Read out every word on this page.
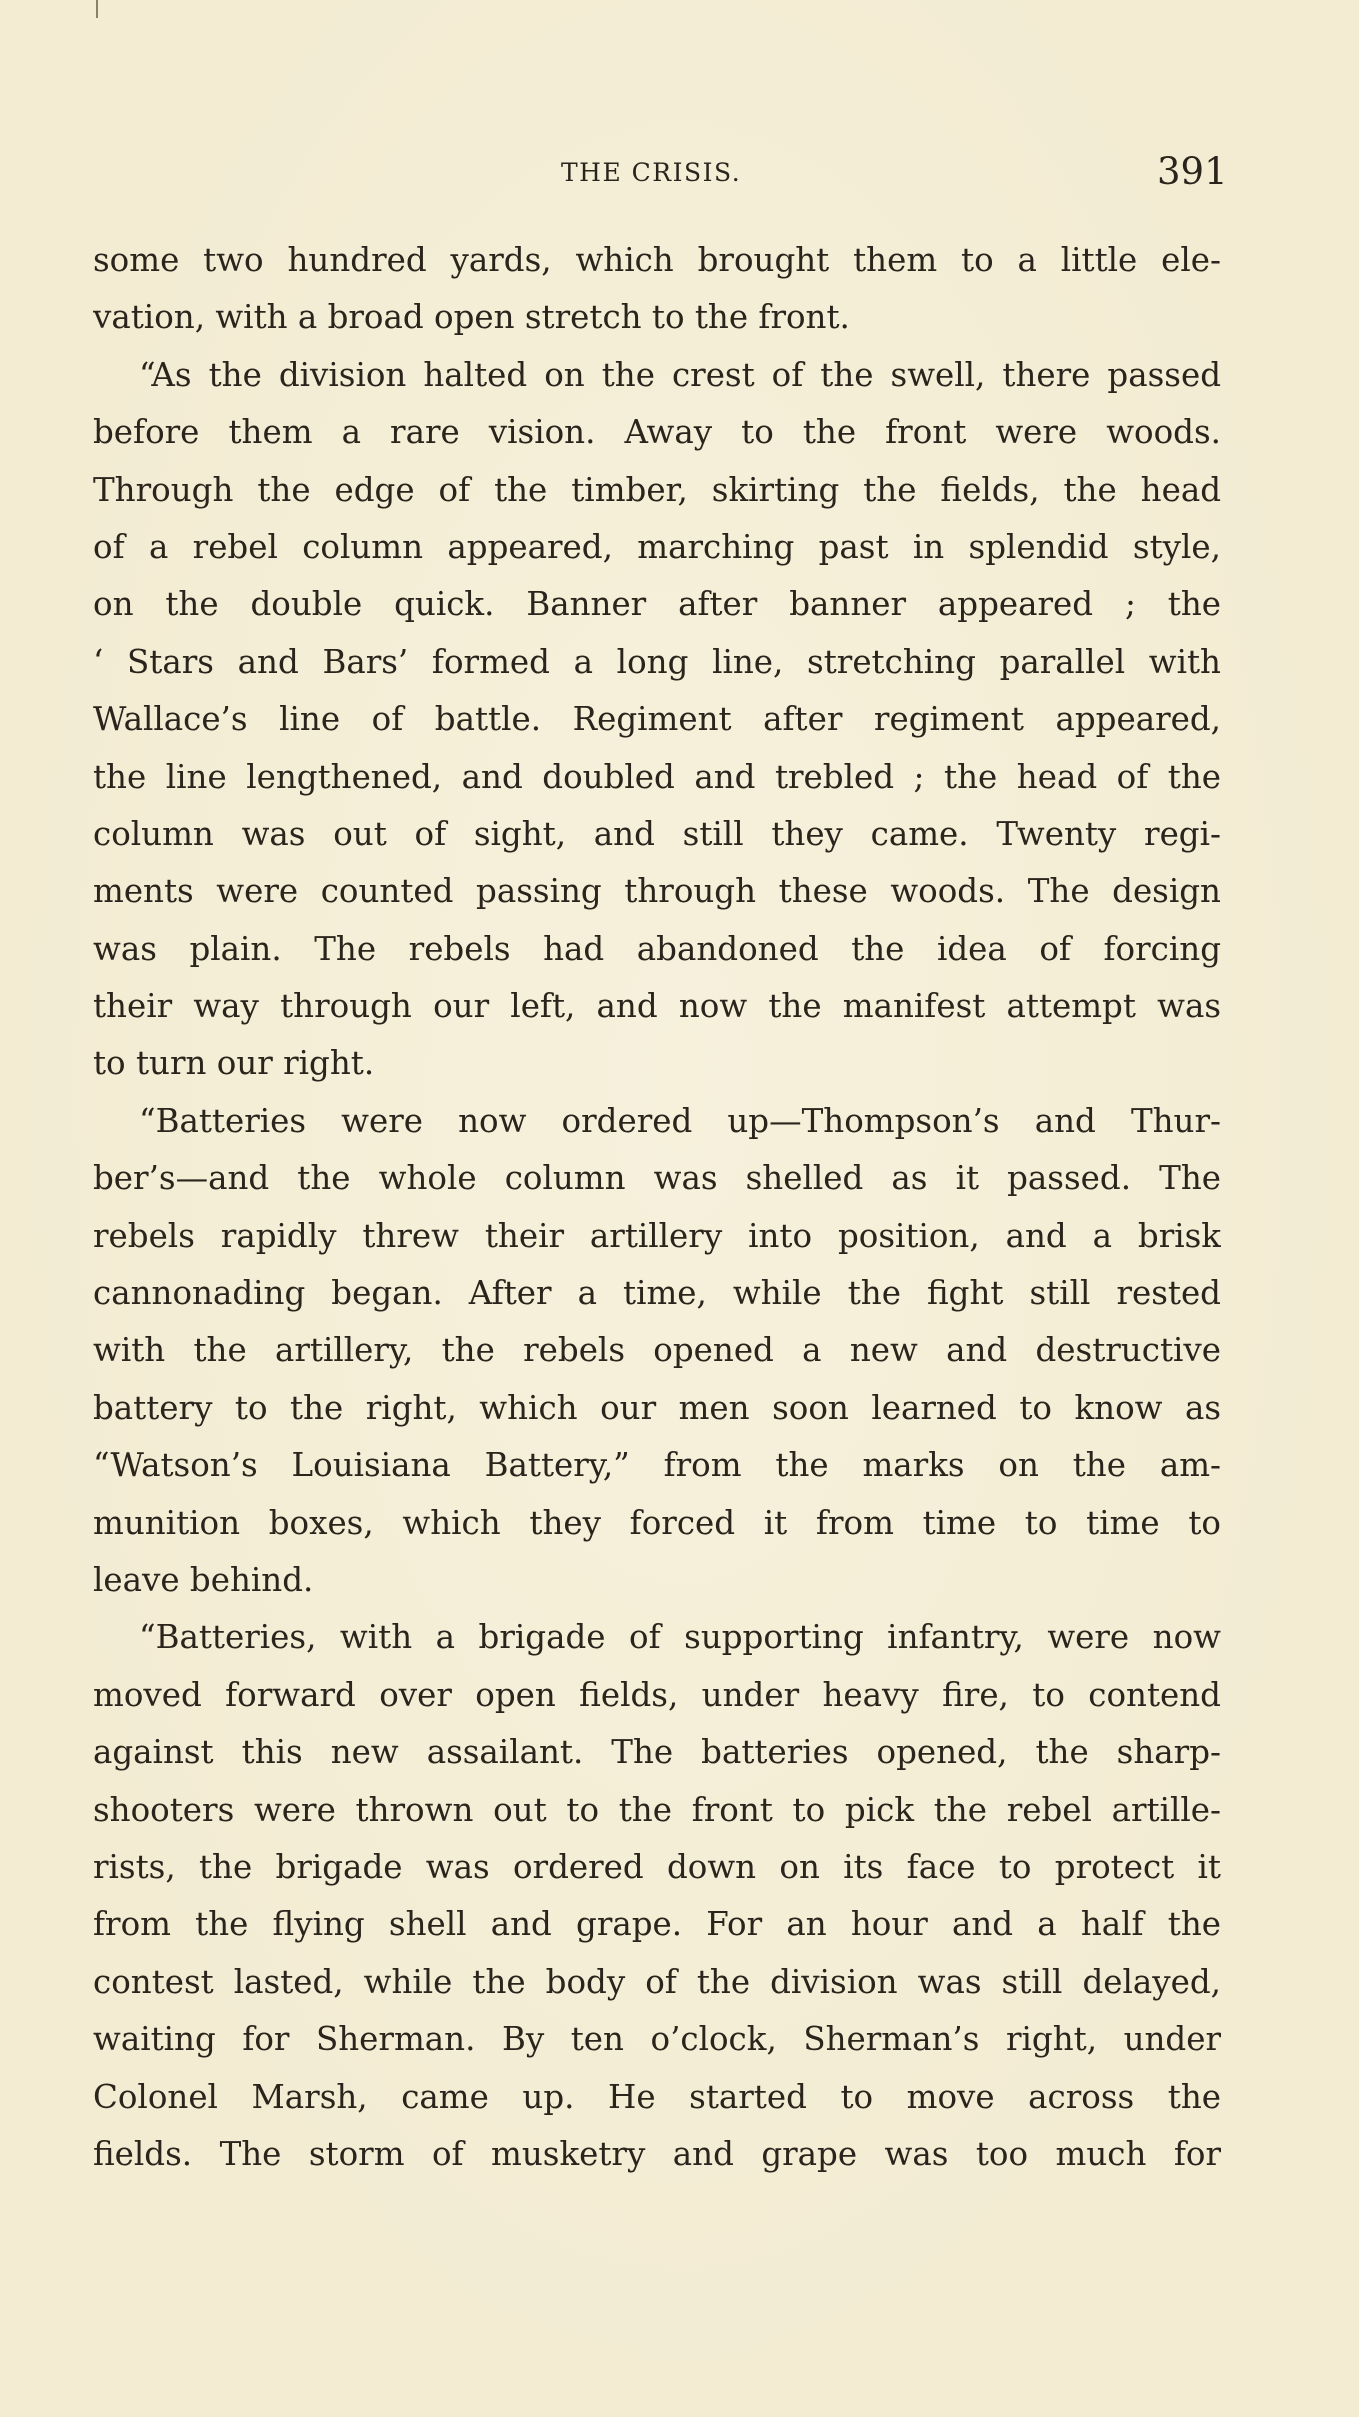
THE CRISIS.	391
some two hundred yards, which brought them to a little ele-
vation, with a broad open stretch to the front.
“As the division halted on the crest of the swell, there passed
before them a rare vision. Away to the front were woods.
Through the edge of the timber, skirting the fields, the head
of a rebel column appeared, marching past in splendid style,
on the double quick. Banner after banner appeared ; the
‘ Stars and Bars’ formed a long line, stretching parallel with
Wallace’s line of battle. Regiment after regiment appeared,
the line lengthened, and doubled and trebled ; the head of the
column was out of sight, and still they came. Twenty regi-
ments were counted passing through these woods. The design
was plain. The rebels had abandoned the idea of forcing
their way through our left, and now the manifest attempt was
to turn our right.
“Batteries were now ordered up—Thompson’s and Thur-
ber’s—and the whole column was shelled as it passed. The
rebels rapidly threw their artillery into position, and a brisk
cannonading began. After a time, while the fight still rested
with the artillery, the rebels opened a new and destructive
battery to the right, which our men soon learned to know as
“Watson’s Louisiana Battery,” from the marks on the am-
munition boxes, which they forced it from time to time to
leave behind.
“Batteries, with a brigade of supporting infantry, were now
moved forward over open fields, under heavy fire, to contend
against this new assailant. The batteries opened, the sharp-
shooters were thrown out to the front to pick the rebel artille-
rists, the brigade was ordered down on its face to protect it
from the flying shell and grape. For an hour and a half the
contest lasted, while the body of the division was still delayed,
waiting for Sherman. By ten o’clock, Sherman’s right, under
Colonel Marsh, came up. He started to move across the
fields. The storm of musketry and grape was too much for
